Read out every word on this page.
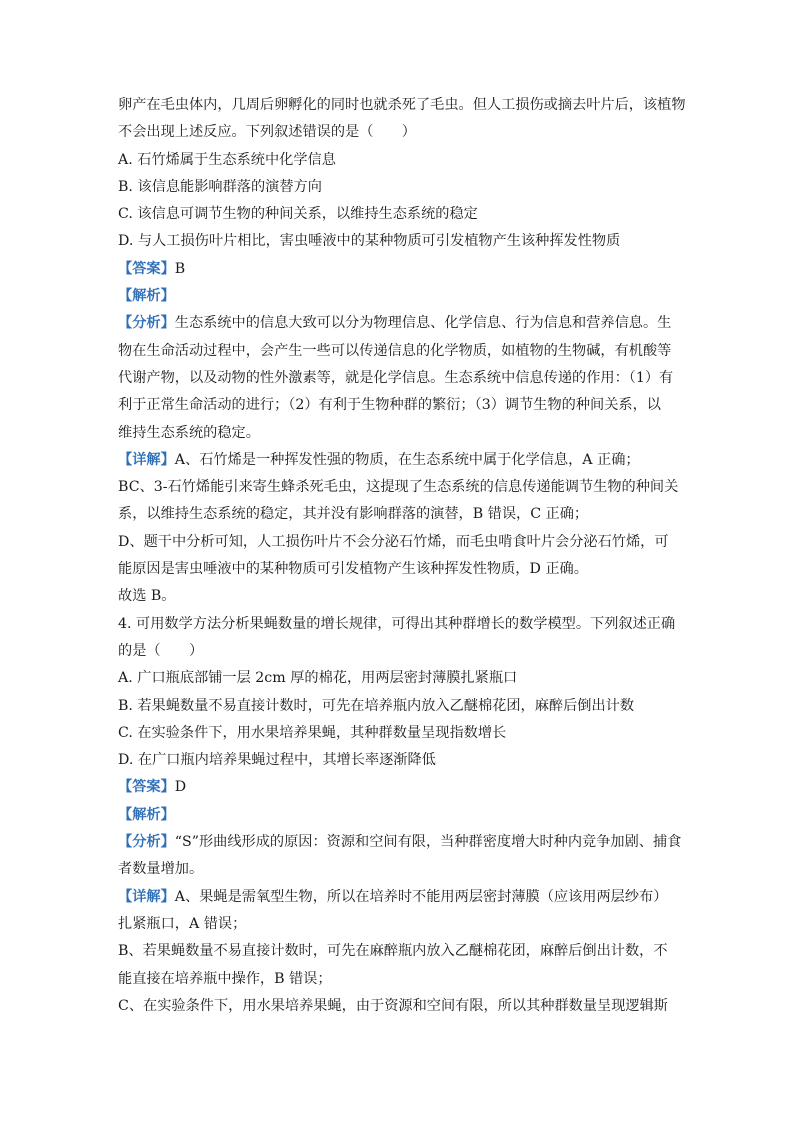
卵产在毛虫体内，几周后卵孵化的同时也就杀死了毛虫。但人工损伤或摘去叶片后，该植物
不会出现上述反应。下列叙述错误的是（　　）
A. 石竹烯属于生态系统中化学信息
B. 该信息能影响群落的演替方向
C. 该信息可调节生物的种间关系，以维持生态系统的稳定
D. 与人工损伤叶片相比，害虫唾液中的某种物质可引发植物产生该种挥发性物质
【答案】B
【解析】
【分析】生态系统中的信息大致可以分为物理信息、化学信息、行为信息和营养信息。生
物在生命活动过程中，会产生一些可以传递信息的化学物质，如植物的生物碱，有机酸等
代谢产物，以及动物的性外激素等，就是化学信息。生态系统中信息传递的作用：（1）有
利于正常生命活动的进行；（2）有利于生物种群的繁衍；（3）调节生物的种间关系，以
维持生态系统的稳定。
【详解】A、石竹烯是一种挥发性强的物质，在生态系统中属于化学信息，A 正确；
BC、3-石竹烯能引来寄生蜂杀死毛虫，这提现了生态系统的信息传递能调节生物的种间关
系，以维持生态系统的稳定，其并没有影响群落的演替，B 错误，C 正确；
D、题干中分析可知，人工损伤叶片不会分泌石竹烯，而毛虫啃食叶片会分泌石竹烯，可
能原因是害虫唾液中的某种物质可引发植物产生该种挥发性物质，D 正确。
故选 B。
4. 可用数学方法分析果蝇数量的增长规律，可得出其种群增长的数学模型。下列叙述正确
的是（　　）
A. 广口瓶底部铺一层 2cm 厚的棉花，用两层密封薄膜扎紧瓶口
B. 若果蝇数量不易直接计数时，可先在培养瓶内放入乙醚棉花团，麻醉后倒出计数
C. 在实验条件下，用水果培养果蝇，其种群数量呈现指数增长
D. 在广口瓶内培养果蝇过程中，其增长率逐渐降低
【答案】D
【解析】
【分析】“S”形曲线形成的原因：资源和空间有限，当种群密度增大时种内竞争加剧、捕食
者数量增加。
【详解】A、果蝇是需氧型生物，所以在培养时不能用两层密封薄膜（应该用两层纱布）
扎紧瓶口，A 错误；
B、若果蝇数量不易直接计数时，可先在麻醉瓶内放入乙醚棉花团，麻醉后倒出计数，不
能直接在培养瓶中操作，B 错误；
C、在实验条件下，用水果培养果蝇，由于资源和空间有限，所以其种群数量呈现逻辑斯
